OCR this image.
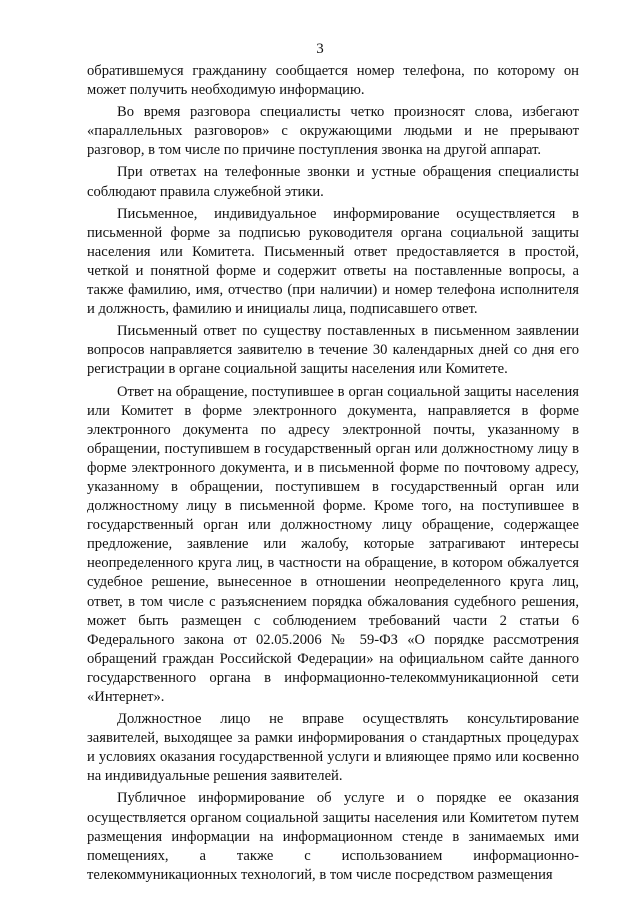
3

обратившемуся гражданину сообщается номер телефона, по которому он может получить необходимую информацию.

Во время разговора специалисты четко произносят слова, избегают «параллельных разговоров» с окружающими людьми и не прерывают разговор, в том числе по причине поступления звонка на другой аппарат.

При ответах на телефонные звонки и устные обращения специалисты соблюдают правила служебной этики.

Письменное, индивидуальное информирование осуществляется в письменной форме за подписью руководителя органа социальной защиты населения или Комитета. Письменный ответ предоставляется в простой, четкой и понятной форме и содержит ответы на поставленные вопросы, а также фамилию, имя, отчество (при наличии) и номер телефона исполнителя и должность, фамилию и инициалы лица, подписавшего ответ.

Письменный ответ по существу поставленных в письменном заявлении вопросов направляется заявителю в течение 30 календарных дней со дня его регистрации в органе социальной защиты населения или Комитете.

Ответ на обращение, поступившее в орган социальной защиты населения или Комитет в форме электронного документа, направляется в форме электронного документа по адресу электронной почты, указанному в обращении, поступившем в государственный орган или должностному лицу в форме электронного документа, и в письменной форме по почтовому адресу, указанному в обращении, поступившем в государственный орган или должностному лицу в письменной форме. Кроме того, на поступившее в государственный орган или должностному лицу обращение, содержащее предложение, заявление или жалобу, которые затрагивают интересы неопределенного круга лиц, в частности на обращение, в котором обжалуется судебное решение, вынесенное в отношении неопределенного круга лиц, ответ, в том числе с разъяснением порядка обжалования судебного решения, может быть размещен с соблюдением требований части 2 статьи 6 Федерального закона от 02.05.2006 № 59-ФЗ «О порядке рассмотрения обращений граждан Российской Федерации» на официальном сайте данного государственного органа в информационно-телекоммуникационной сети «Интернет».

Должностное лицо не вправе осуществлять консультирование заявителей, выходящее за рамки информирования о стандартных процедурах и условиях оказания государственной услуги и влияющее прямо или косвенно на индивидуальные решения заявителей.

Публичное информирование об услуге и о порядке ее оказания осуществляется органом социальной защиты населения или Комитетом путем размещения информации на информационном стенде в занимаемых ими помещениях, а также с использованием информационно-телекоммуникационных технологий, в том числе посредством размещения
